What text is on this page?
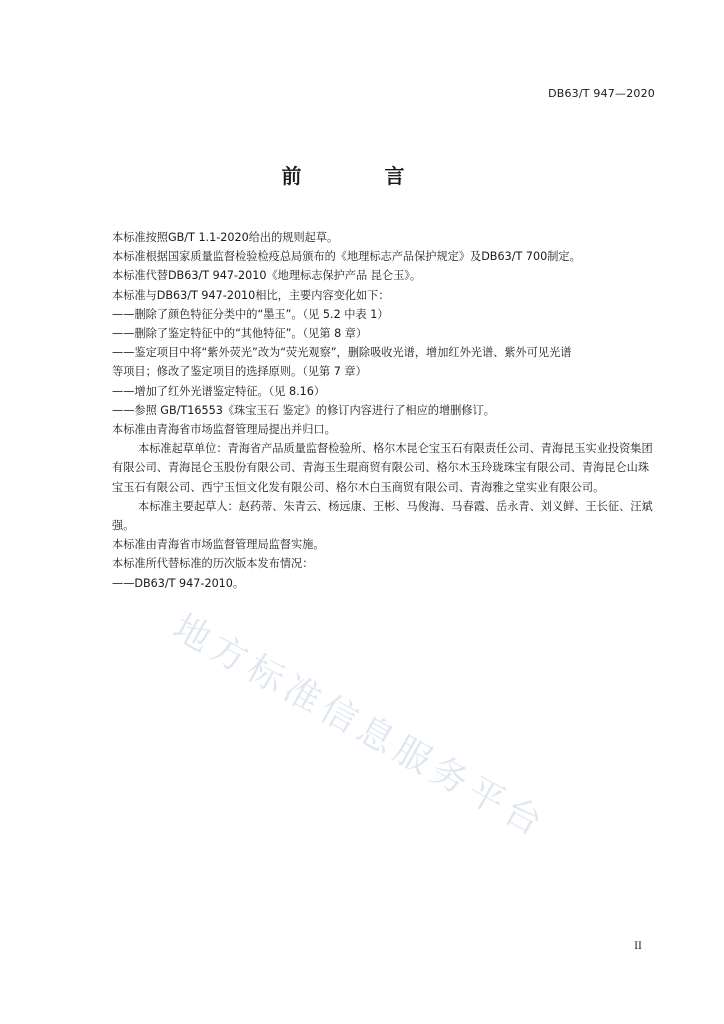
DB63/T 947—2020
前 言

本标准按照GB/T 1.1-2020给出的规则起草。

本标准根据国家质量监督检验检疫总局颁布的《地理标志产品保护规定》及DB63/T 700制定。

本标准代替DB63/T 947-2010《地理标志保护产品 昆仑玉》。

本标准与DB63/T 947-2010相比，主要内容变化如下：

——删除了颜色特征分类中的“墨玉”。（见 5.2 中表 1）

——删除了鉴定特征中的“其他特征”。（见第 8 章）

——鉴定项目中将“紫外荧光”改为“荧光观察”，删除吸收光谱，增加红外光谱、紫外可见光谱

等项目；修改了鉴定项目的选择原则。（见第 7 章）

——增加了红外光谱鉴定特征。（见 8.16）

——参照 GB/T16553《珠宝玉石 鉴定》的修订内容进行了相应的增删修订。

本标准由青海省市场监督管理局提出并归口。

本标准起草单位：青海省产品质量监督检验所、格尔木昆仑宝玉石有限责任公司、青海昆玉实业投资集团有限公司、青海昆仑玉股份有限公司、青海玉生琨商贸有限公司、格尔木玉玲珑珠宝有限公司、青海昆仑山珠宝玉石有限公司、西宁玉恒文化发有限公司、格尔木白玉商贸有限公司、青海雅之堂实业有限公司。

本标准主要起草人：赵药蒂、朱青云、杨远康、王彬、马俊海、马春霞、岳永青、刘义鲜、王长征、汪斌强。

本标准由青海省市场监督管理局监督实施。

本标准所代替标准的历次版本发布情况：

——DB63/T 947-2010。

地方标准信息服务平台
II
